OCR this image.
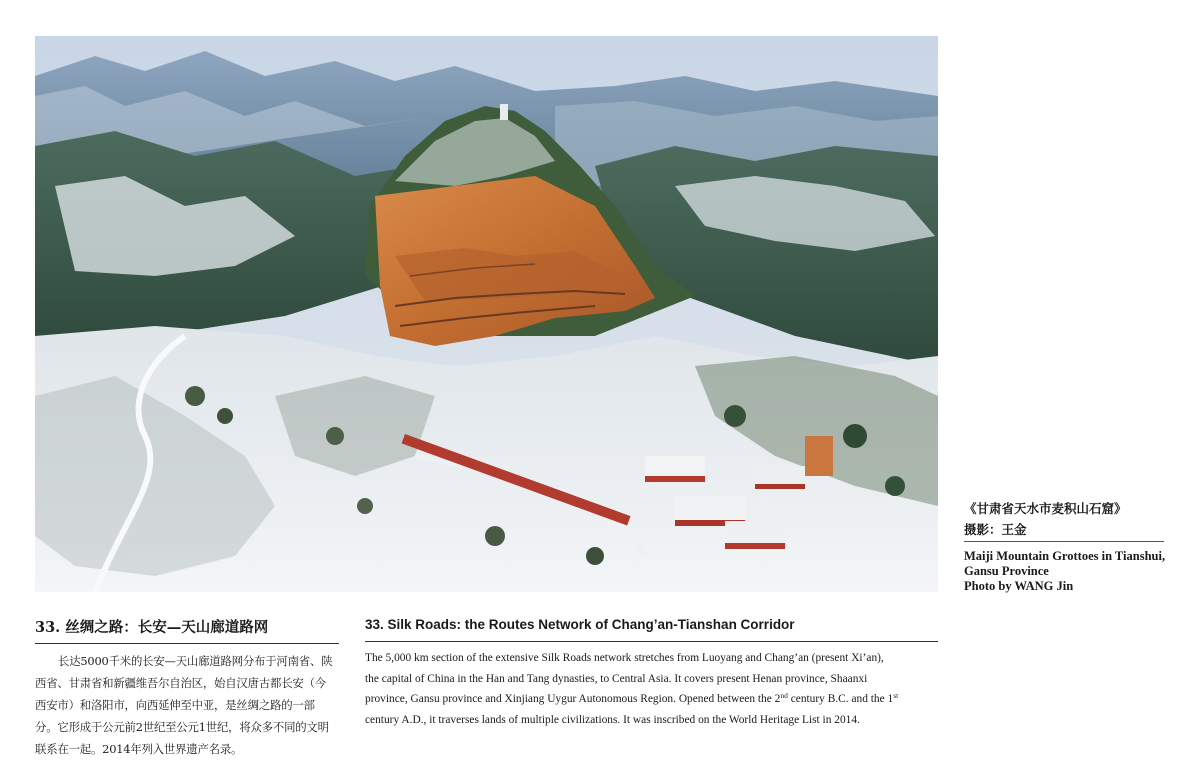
《甘肃省天水市麦积山石窟》
摄影：王金
Maiji Mountain Grottoes in Tianshui,
Gansu Province
Photo by WANG Jin
33. 丝绸之路：长安—天山廊道路网
长达5000千米的长安—天山廊道路网分布于河南省、陕
西省、甘肃省和新疆维吾尔自治区，始自汉唐古都长安（今
西安市）和洛阳市，向西延伸至中亚，是丝绸之路的一部
分。它形成于公元前2世纪至公元1世纪，将众多不同的文明
联系在一起。2014年列入世界遗产名录。
33. Silk Roads: the Routes Network of Chang’an-Tianshan Corridor
The 5,000 km section of the extensive Silk Roads network stretches from Luoyang and Chang’an (present Xi’an),
the capital of China in the Han and Tang dynasties, to Central Asia. It covers present Henan province, Shaanxi
province, Gansu province and Xinjiang Uygur Autonomous Region. Opened between the 2nd century B.C. and the 1st
century A.D., it traverses lands of multiple civilizations. It was inscribed on the World Heritage List in 2014.
